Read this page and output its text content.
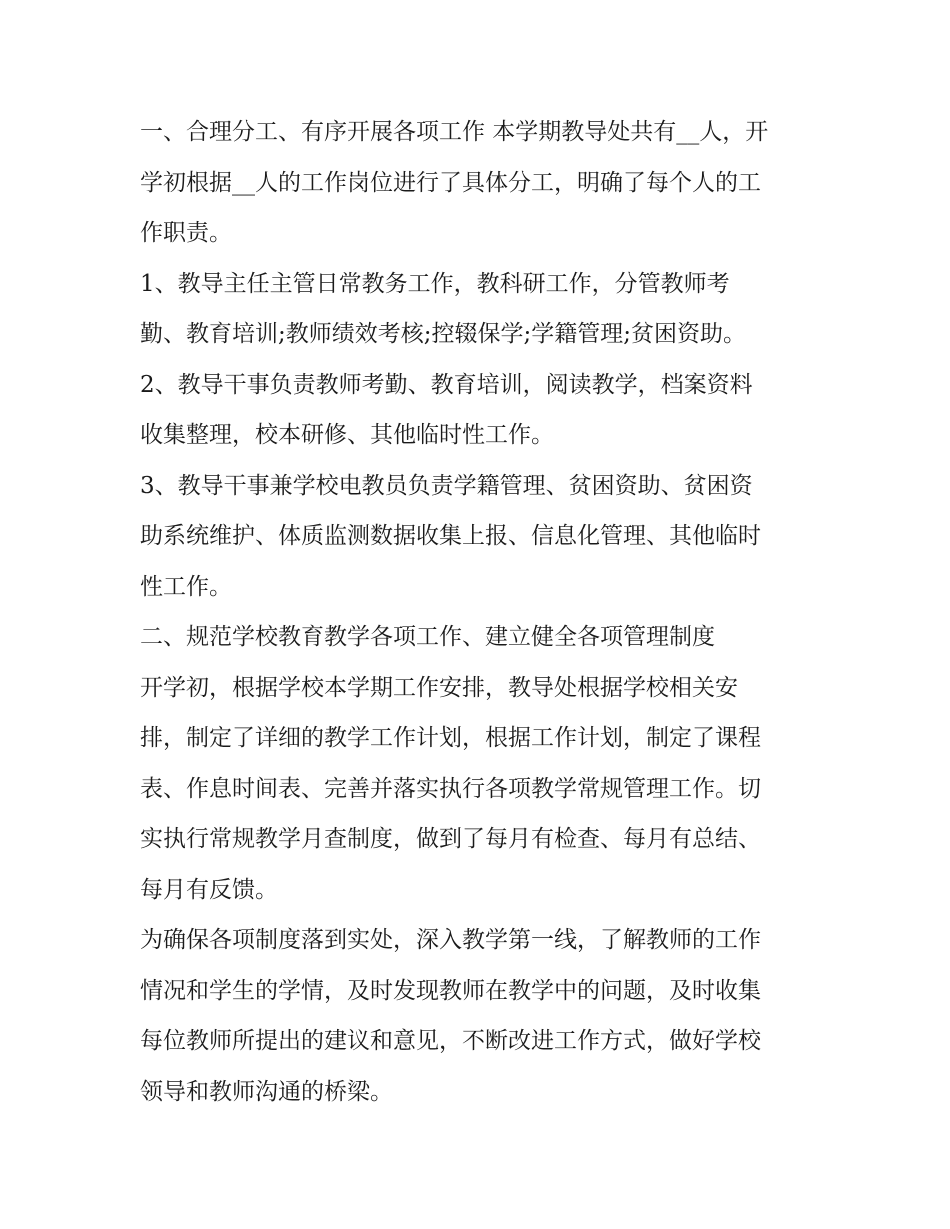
一、合理分工、有序开展各项工作 本学期教导处共有__人，开
学初根据__人的工作岗位进行了具体分工，明确了每个人的工
作职责。

1、教导主任主管日常教务工作，教科研工作，分管教师考
勤、教育培训;教师绩效考核;控辍保学;学籍管理;贫困资助。

2、教导干事负责教师考勤、教育培训，阅读教学，档案资料
收集整理，校本研修、其他临时性工作。

3、教导干事兼学校电教员负责学籍管理、贫困资助、贫困资
助系统维护、体质监测数据收集上报、信息化管理、其他临时
性工作。

二、规范学校教育教学各项工作、建立健全各项管理制度

开学初，根据学校本学期工作安排，教导处根据学校相关安
排，制定了详细的教学工作计划，根据工作计划，制定了课程
表、作息时间表、完善并落实执行各项教学常规管理工作。切
实执行常规教学月查制度，做到了每月有检查、每月有总结、
每月有反馈。

为确保各项制度落到实处，深入教学第一线，了解教师的工作
情况和学生的学情，及时发现教师在教学中的问题，及时收集
每位教师所提出的建议和意见，不断改进工作方式，做好学校
领导和教师沟通的桥梁。
